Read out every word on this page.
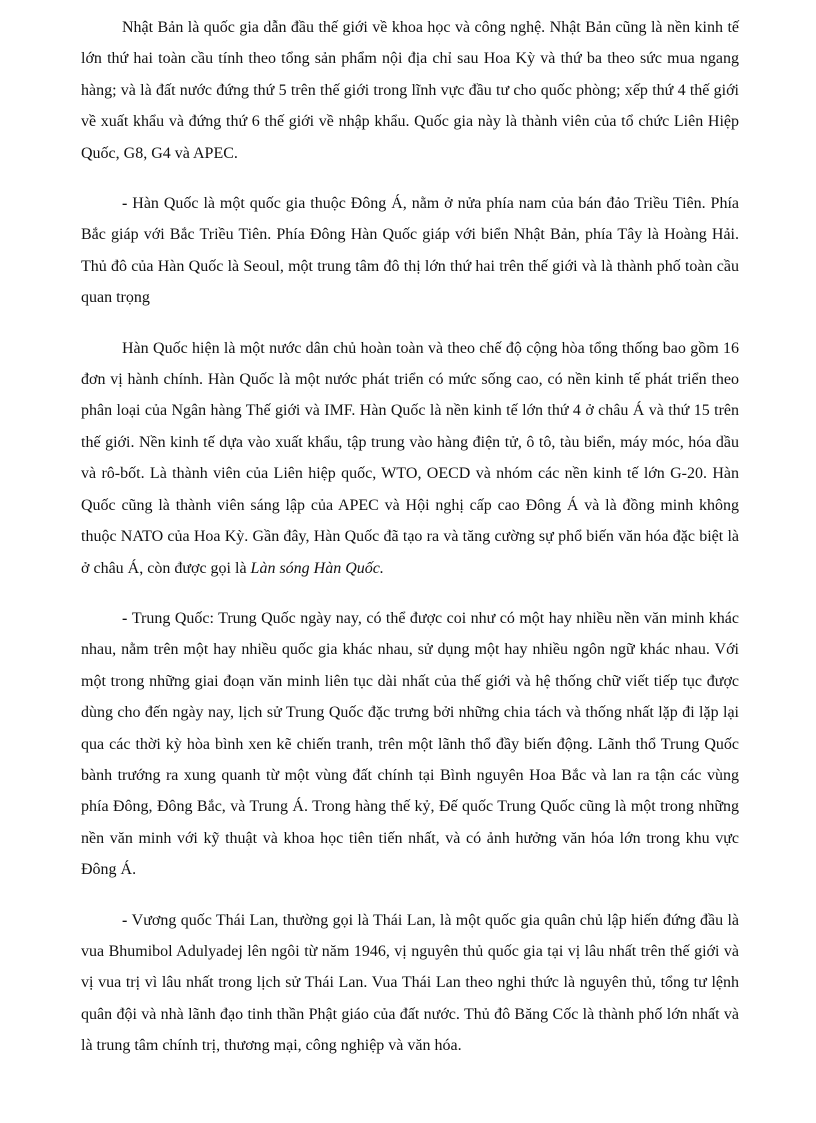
Nhật Bản là quốc gia dẫn đầu thế giới về khoa học và công nghệ. Nhật Bản cũng là nền kinh tế lớn thứ hai toàn cầu tính theo tổng sản phẩm nội địa chỉ sau Hoa Kỳ và thứ ba theo sức mua ngang hàng; và là đất nước đứng thứ 5 trên thế giới trong lĩnh vực đầu tư cho quốc phòng; xếp thứ 4 thế giới về xuất khẩu và đứng thứ 6 thế giới về nhập khẩu. Quốc gia này là thành viên của tổ chức Liên Hiệp Quốc, G8, G4 và APEC.

- Hàn Quốc là một quốc gia thuộc Đông Á, nằm ở nửa phía nam của bán đảo Triều Tiên. Phía Bắc giáp với Bắc Triều Tiên. Phía Đông Hàn Quốc giáp với biển Nhật Bản, phía Tây là Hoàng Hải. Thủ đô của Hàn Quốc là Seoul, một trung tâm đô thị lớn thứ hai trên thế giới và là thành phố toàn cầu quan trọng

Hàn Quốc hiện là một nước dân chủ hoàn toàn và theo chế độ cộng hòa tổng thống bao gồm 16 đơn vị hành chính. Hàn Quốc là một nước phát triển có mức sống cao, có nền kinh tế phát triển theo phân loại của Ngân hàng Thế giới và IMF. Hàn Quốc là nền kinh tế lớn thứ 4 ở châu Á và thứ 15 trên thế giới. Nền kinh tế dựa vào xuất khẩu, tập trung vào hàng điện tử, ô tô, tàu biển, máy móc, hóa dầu và rô-bốt. Là thành viên của Liên hiệp quốc, WTO, OECD và nhóm các nền kinh tế lớn G-20. Hàn Quốc cũng là thành viên sáng lập của APEC và Hội nghị cấp cao Đông Á và là đồng minh không thuộc NATO của Hoa Kỳ. Gần đây, Hàn Quốc đã tạo ra và tăng cường sự phổ biến văn hóa đặc biệt là ở châu Á, còn được gọi là Làn sóng Hàn Quốc.

- Trung Quốc: Trung Quốc ngày nay, có thể được coi như có một hay nhiều nền văn minh khác nhau, nằm trên một hay nhiều quốc gia khác nhau, sử dụng một hay nhiều ngôn ngữ khác nhau. Với một trong những giai đoạn văn minh liên tục dài nhất của thế giới và hệ thống chữ viết tiếp tục được dùng cho đến ngày nay, lịch sử Trung Quốc đặc trưng bởi những chia tách và thống nhất lặp đi lặp lại qua các thời kỳ hòa bình xen kẽ chiến tranh, trên một lãnh thổ đầy biến động. Lãnh thổ Trung Quốc bành trướng ra xung quanh từ một vùng đất chính tại Bình nguyên Hoa Bắc và lan ra tận các vùng phía Đông, Đông Bắc, và Trung Á. Trong hàng thế kỷ, Đế quốc Trung Quốc cũng là một trong những nền văn minh với kỹ thuật và khoa học tiên tiến nhất, và có ảnh hưởng văn hóa lớn trong khu vực Đông Á.

- Vương quốc Thái Lan, thường gọi là Thái Lan, là một quốc gia quân chủ lập hiến đứng đầu là vua Bhumibol Adulyadej lên ngôi từ năm 1946, vị nguyên thủ quốc gia tại vị lâu nhất trên thế giới và vị vua trị vì lâu nhất trong lịch sử Thái Lan. Vua Thái Lan theo nghi thức là nguyên thủ, tổng tư lệnh quân đội và nhà lãnh đạo tinh thần Phật giáo của đất nước. Thủ đô Băng Cốc là thành phố lớn nhất và là trung tâm chính trị, thương mại, công nghiệp và văn hóa.
